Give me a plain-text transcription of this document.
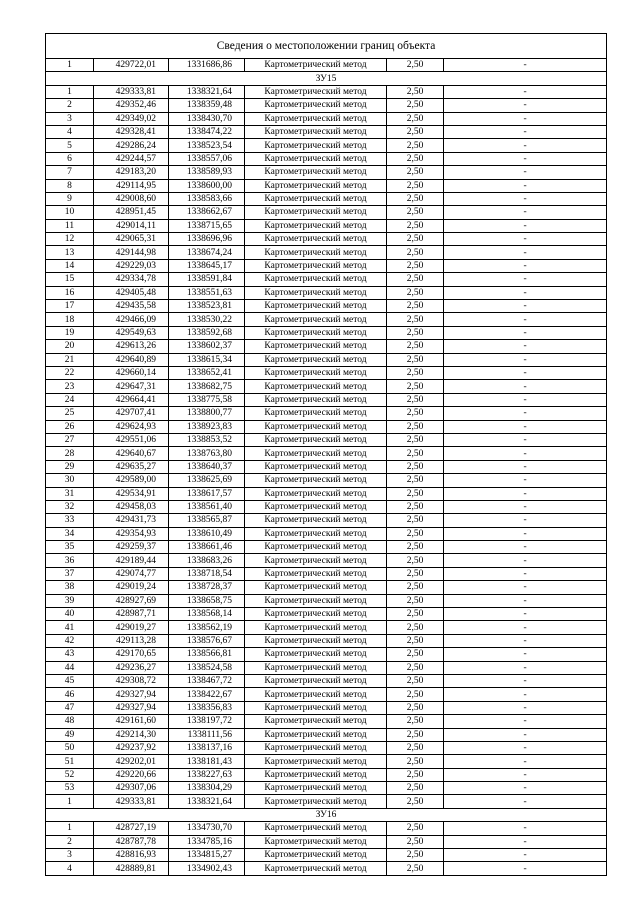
Сведения о местоположении границ объекта					
1	429722,01	1331686,86	Картометрический метод	2,50	-
ЗУ15					
1	429333,81	1338321,64	Картометрический метод	2,50	-
2	429352,46	1338359,48	Картометрический метод	2,50	-
3	429349,02	1338430,70	Картометрический метод	2,50	-
4	429328,41	1338474,22	Картометрический метод	2,50	-
5	429286,24	1338523,54	Картометрический метод	2,50	-
6	429244,57	1338557,06	Картометрический метод	2,50	-
7	429183,20	1338589,93	Картометрический метод	2,50	-
8	429114,95	1338600,00	Картометрический метод	2,50	-
9	429008,60	1338583,66	Картометрический метод	2,50	-
10	428951,45	1338662,67	Картометрический метод	2,50	-
11	429014,11	1338715,65	Картометрический метод	2,50	-
12	429065,31	1338696,96	Картометрический метод	2,50	-
13	429144,98	1338674,24	Картометрический метод	2,50	-
14	429229,03	1338645,17	Картометрический метод	2,50	-
15	429334,78	1338591,84	Картометрический метод	2,50	-
16	429405,48	1338551,63	Картометрический метод	2,50	-
17	429435,58	1338523,81	Картометрический метод	2,50	-
18	429466,09	1338530,22	Картометрический метод	2,50	-
19	429549,63	1338592,68	Картометрический метод	2,50	-
20	429613,26	1338602,37	Картометрический метод	2,50	-
21	429640,89	1338615,34	Картометрический метод	2,50	-
22	429660,14	1338652,41	Картометрический метод	2,50	-
23	429647,31	1338682,75	Картометрический метод	2,50	-
24	429664,41	1338775,58	Картометрический метод	2,50	-
25	429707,41	1338800,77	Картометрический метод	2,50	-
26	429624,93	1338923,83	Картометрический метод	2,50	-
27	429551,06	1338853,52	Картометрический метод	2,50	-
28	429640,67	1338763,80	Картометрический метод	2,50	-
29	429635,27	1338640,37	Картометрический метод	2,50	-
30	429589,00	1338625,69	Картометрический метод	2,50	-
31	429534,91	1338617,57	Картометрический метод	2,50	-
32	429458,03	1338561,40	Картометрический метод	2,50	-
33	429431,73	1338565,87	Картометрический метод	2,50	-
34	429354,93	1338610,49	Картометрический метод	2,50	-
35	429259,37	1338661,46	Картометрический метод	2,50	-
36	429189,44	1338683,26	Картометрический метод	2,50	-
37	429074,77	1338718,54	Картометрический метод	2,50	-
38	429019,24	1338728,37	Картометрический метод	2,50	-
39	428927,69	1338658,75	Картометрический метод	2,50	-
40	428987,71	1338568,14	Картометрический метод	2,50	-
41	429019,27	1338562,19	Картометрический метод	2,50	-
42	429113,28	1338576,67	Картометрический метод	2,50	-
43	429170,65	1338566,81	Картометрический метод	2,50	-
44	429236,27	1338524,58	Картометрический метод	2,50	-
45	429308,72	1338467,72	Картометрический метод	2,50	-
46	429327,94	1338422,67	Картометрический метод	2,50	-
47	429327,94	1338356,83	Картометрический метод	2,50	-
48	429161,60	1338197,72	Картометрический метод	2,50	-
49	429214,30	1338111,56	Картометрический метод	2,50	-
50	429237,92	1338137,16	Картометрический метод	2,50	-
51	429202,01	1338181,43	Картометрический метод	2,50	-
52	429220,66	1338227,63	Картометрический метод	2,50	-
53	429307,06	1338304,29	Картометрический метод	2,50	-
1	429333,81	1338321,64	Картометрический метод	2,50	-
ЗУ16					
1	428727,19	1334730,70	Картометрический метод	2,50	-
2	428787,78	1334785,16	Картометрический метод	2,50	-
3	428816,93	1334815,27	Картометрический метод	2,50	-
4	428889,81	1334902,43	Картометрический метод	2,50	-
